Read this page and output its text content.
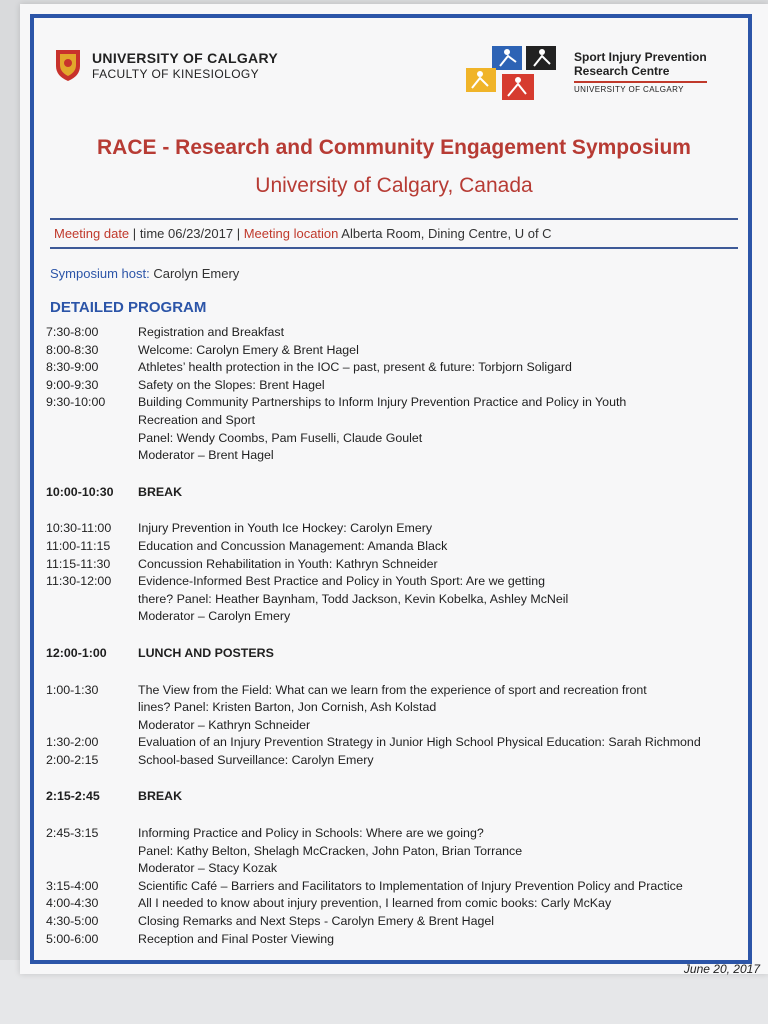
UNIVERSITY OF CALGARY
FACULTY OF KINESIOLOGY
Sport Injury Prevention
Research Centre
UNIVERSITY OF CALGARY
RACE - Research and Community Engagement Symposium
University of Calgary, Canada
Meeting date | time 06/23/2017 | Meeting location Alberta Room, Dining Centre, U of C
Symposium host: Carolyn Emery
DETAILED PROGRAM
7:30-8:00	Registration and Breakfast
8:00-8:30	Welcome: Carolyn Emery & Brent Hagel
8:30-9:00	Athletes’ health protection in the IOC – past, present & future: Torbjorn Soligard
9:00-9:30	Safety on the Slopes: Brent Hagel
9:30-10:00	Building Community Partnerships to Inform Injury Prevention Practice and Policy in Youth
Recreation and Sport
Panel: Wendy Coombs, Pam Fuselli, Claude Goulet
Moderator – Brent Hagel
10:00-10:30	BREAK
10:30-11:00	Injury Prevention in Youth Ice Hockey: Carolyn Emery
11:00-11:15	Education and Concussion Management: Amanda Black
11:15-11:30	Concussion Rehabilitation in Youth: Kathryn Schneider
11:30-12:00	Evidence-Informed Best Practice and Policy in Youth Sport: Are we getting
there? Panel: Heather Baynham, Todd Jackson, Kevin Kobelka, Ashley McNeil
Moderator – Carolyn Emery
12:00-1:00	LUNCH AND POSTERS
1:00-1:30	The View from the Field: What can we learn from the experience of sport and recreation front
lines? Panel: Kristen Barton, Jon Cornish, Ash Kolstad
Moderator – Kathryn Schneider
1:30-2:00	Evaluation of an Injury Prevention Strategy in Junior High School Physical Education: Sarah Richmond
2:00-2:15	School-based Surveillance: Carolyn Emery
2:15-2:45	BREAK
2:45-3:15	Informing Practice and Policy in Schools: Where are we going?
Panel: Kathy Belton, Shelagh McCracken, John Paton, Brian Torrance
Moderator – Stacy Kozak
3:15-4:00	Scientific Café – Barriers and Facilitators to Implementation of Injury Prevention Policy and Practice
4:00-4:30	All I needed to know about injury prevention, I learned from comic books: Carly McKay
4:30-5:00	Closing Remarks and Next Steps - Carolyn Emery & Brent Hagel
5:00-6:00	Reception and Final Poster Viewing
June 20, 2017
